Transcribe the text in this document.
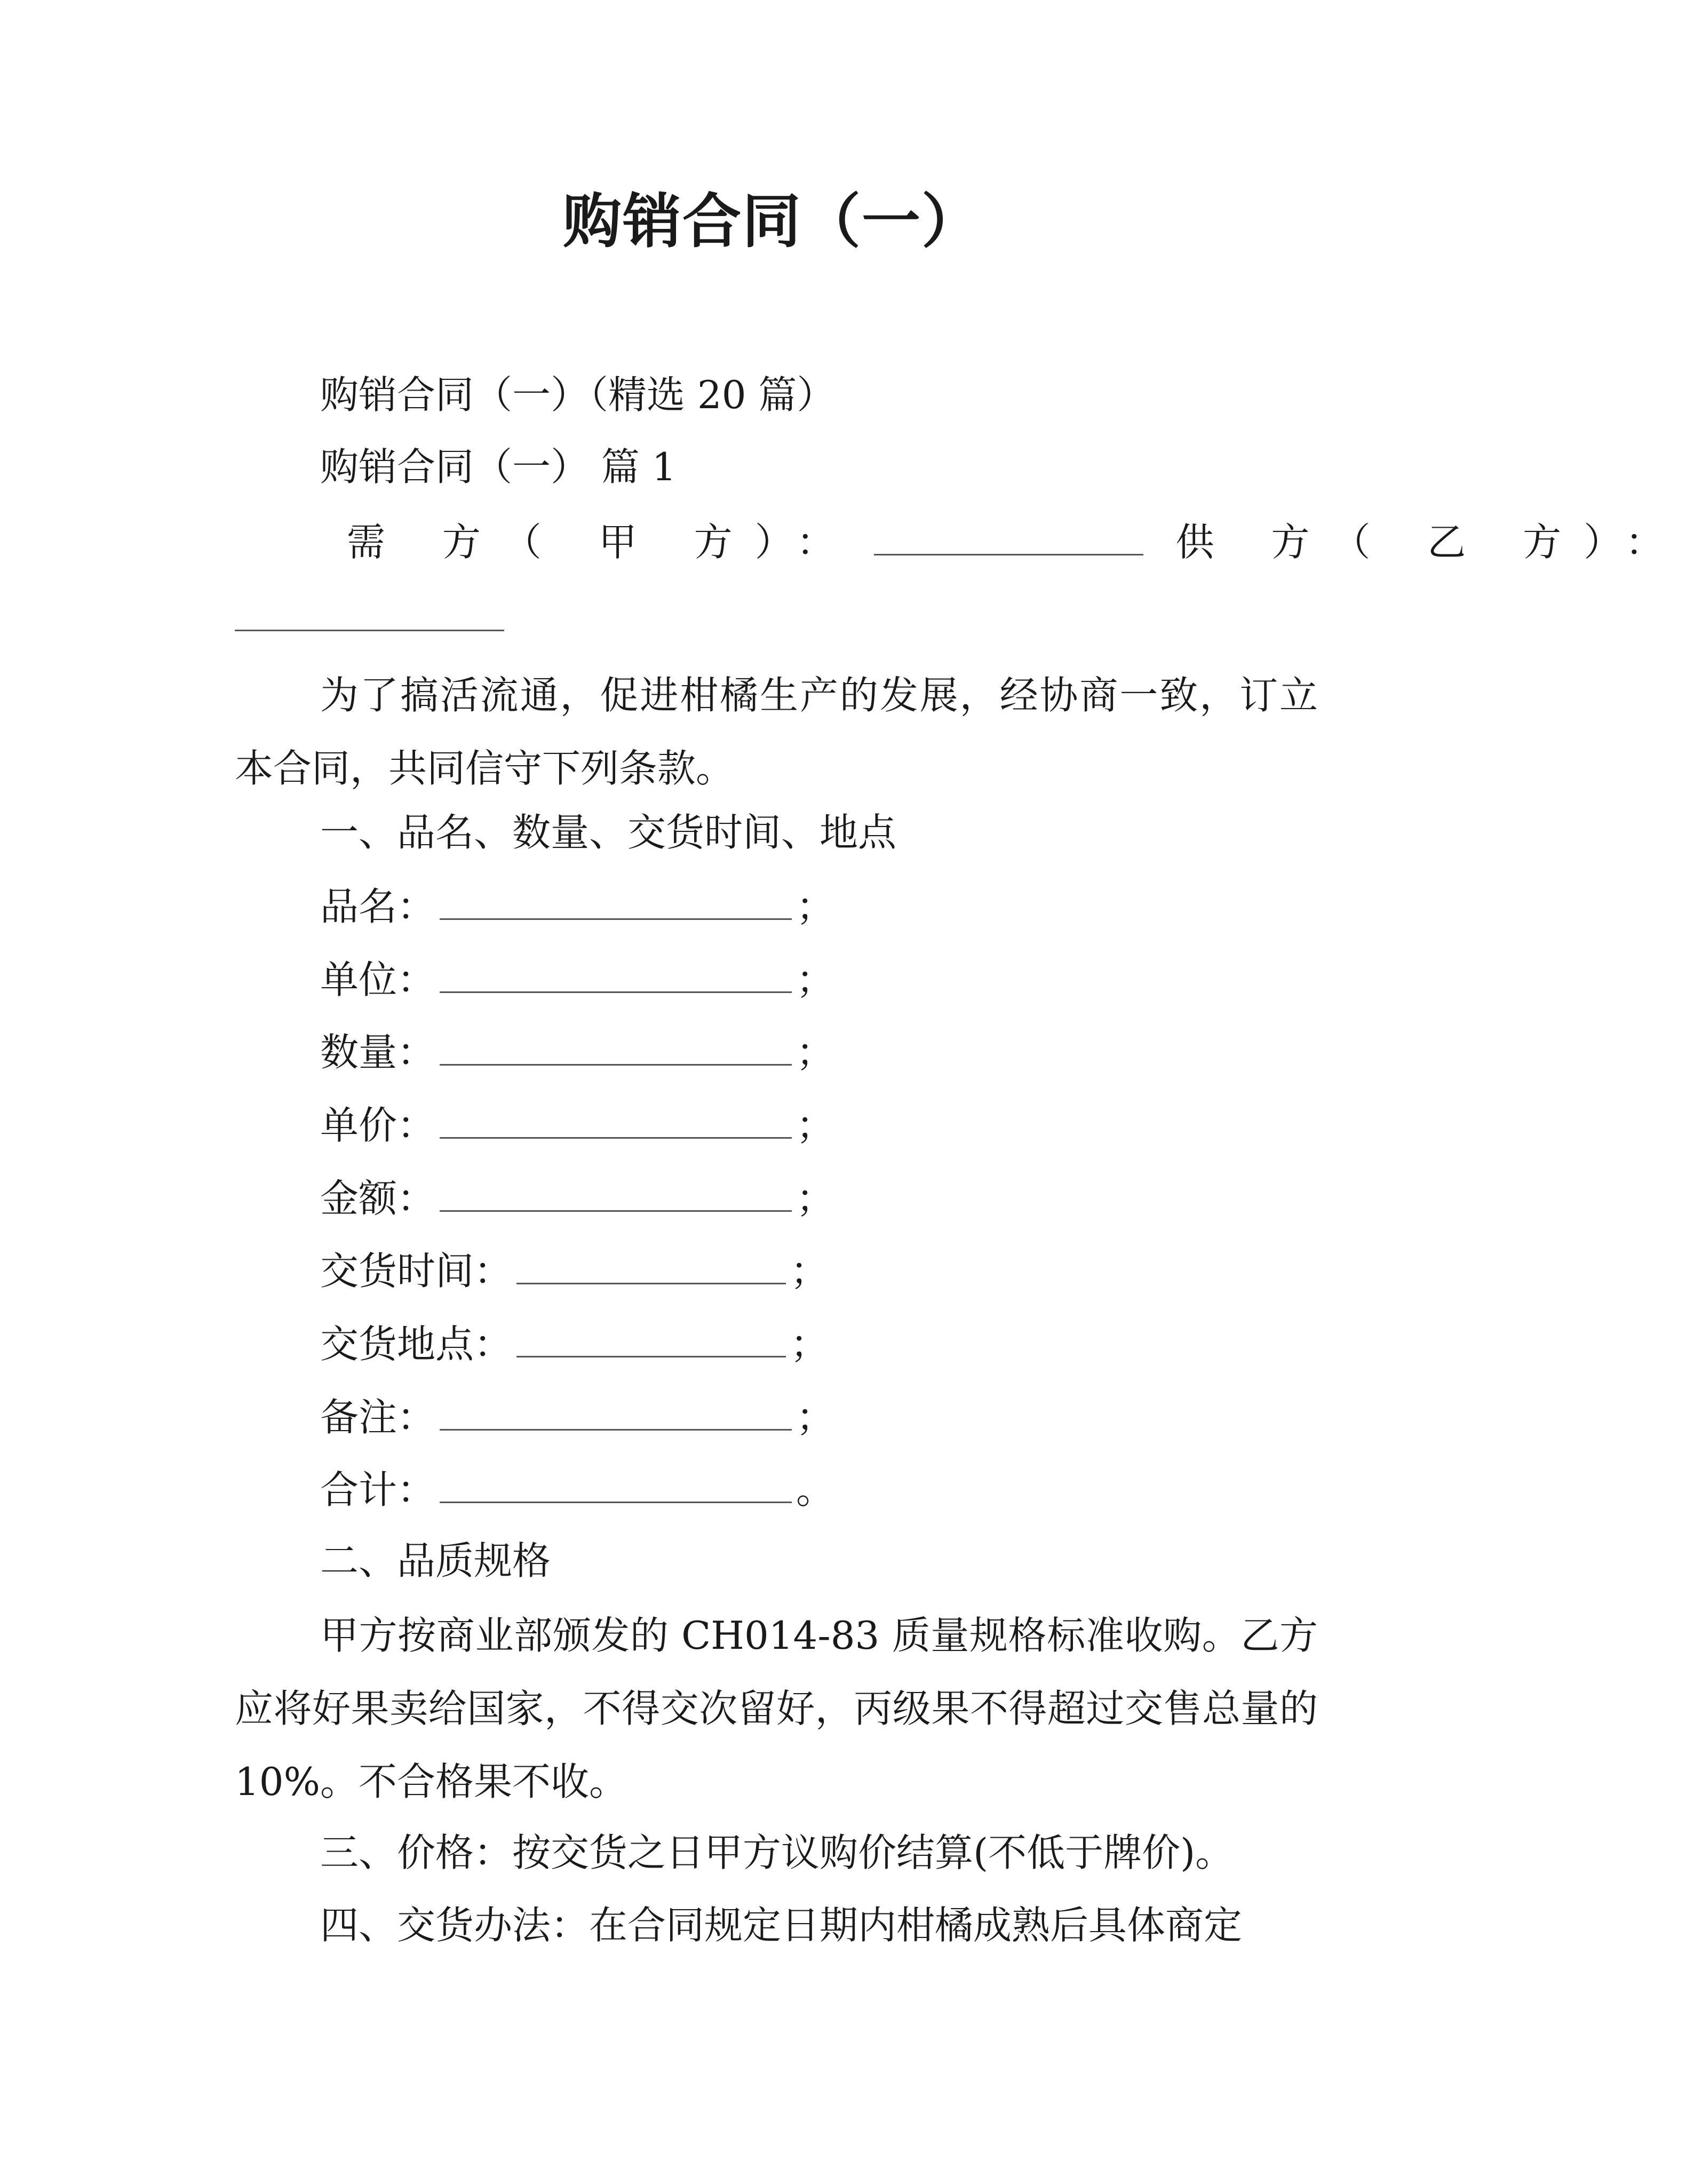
购销合同（一）
购销合同（一）（精选 20 篇）
购销合同（一） 篇 1
需 方（ 甲 方）：	供 方（ 乙 方）：
为了搞活流通，促进柑橘生产的发展，经协商一致，订立本合同，共同信守下列条款。
一、品名、数量、交货时间、地点
品名：	；
单位：	；
数量：	；
单价：	；
金额：	；
交货时间：	；
交货地点：	；
备注：	；
合计：	。
二、品质规格
甲方按商业部颁发的 CH014-83 质量规格标准收购。乙方应将好果卖给国家，不得交次留好，丙级果不得超过交售总量的 10%。不合格果不收。
三、价格：按交货之日甲方议购价结算(不低于牌价)。
四、交货办法：在合同规定日期内柑橘成熟后具体商定
